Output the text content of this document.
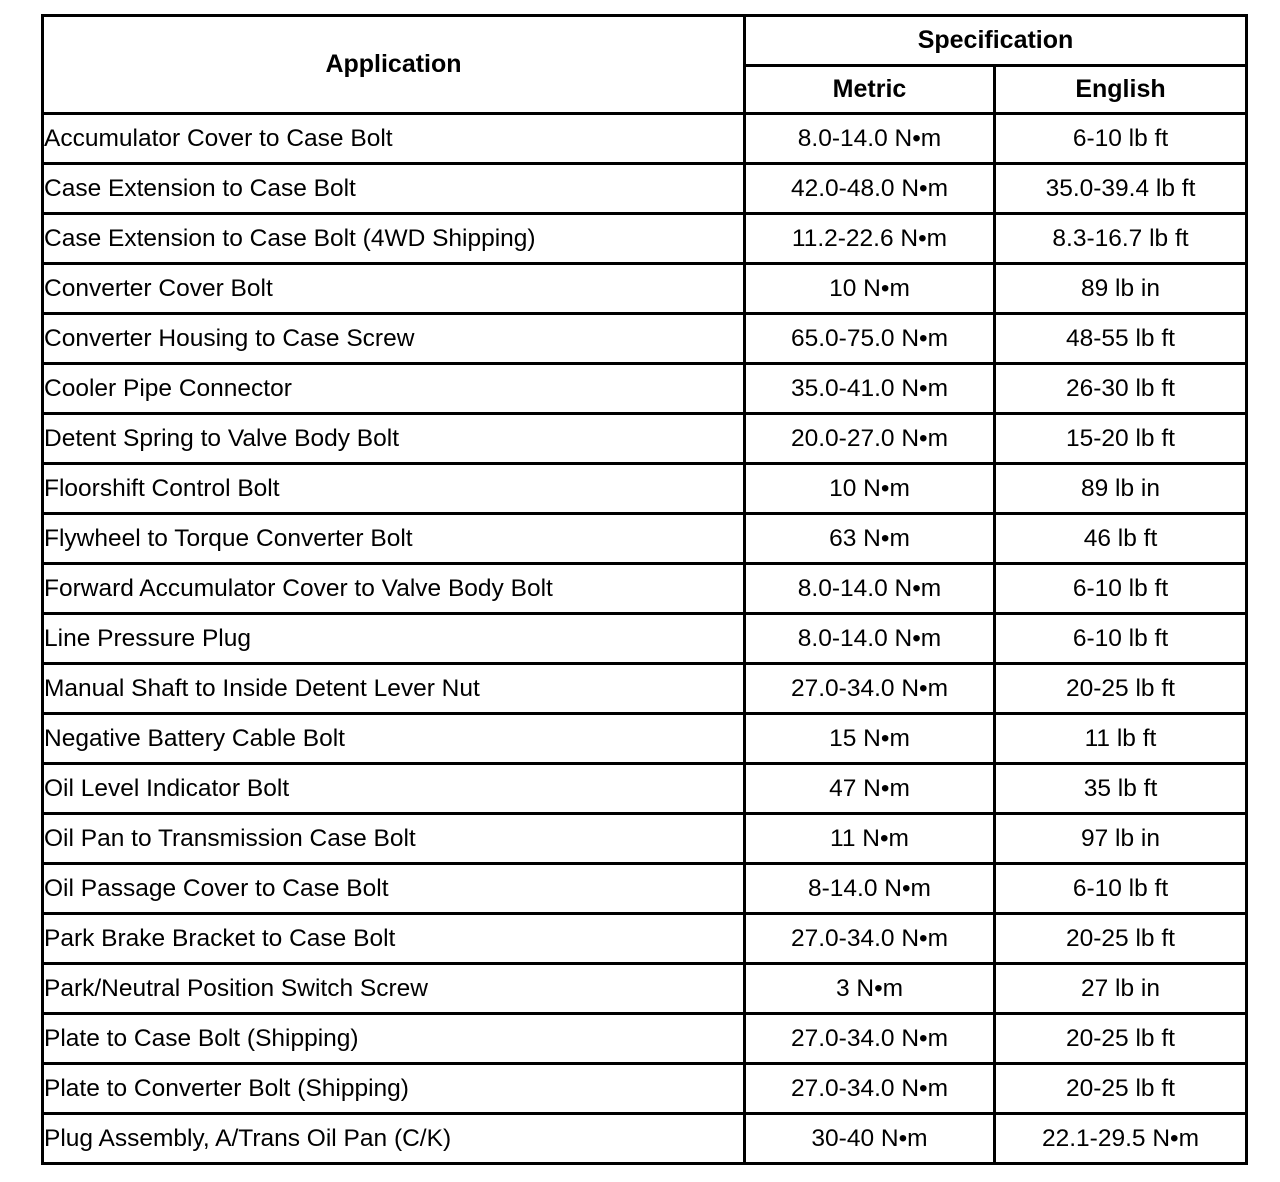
Application	Specification	
	Metric	English
Accumulator Cover to Case Bolt	8.0-14.0 N•m	6-10 lb ft
Case Extension to Case Bolt	42.0-48.0 N•m	35.0-39.4 lb ft
Case Extension to Case Bolt (4WD Shipping)	11.2-22.6 N•m	8.3-16.7 lb ft
Converter Cover Bolt	10 N•m	89 lb in
Converter Housing to Case Screw	65.0-75.0 N•m	48-55 lb ft
Cooler Pipe Connector	35.0-41.0 N•m	26-30 lb ft
Detent Spring to Valve Body Bolt	20.0-27.0 N•m	15-20 lb ft
Floorshift Control Bolt	10 N•m	89 lb in
Flywheel to Torque Converter Bolt	63 N•m	46 lb ft
Forward Accumulator Cover to Valve Body Bolt	8.0-14.0 N•m	6-10 lb ft
Line Pressure Plug	8.0-14.0 N•m	6-10 lb ft
Manual Shaft to Inside Detent Lever Nut	27.0-34.0 N•m	20-25 lb ft
Negative Battery Cable Bolt	15 N•m	11 lb ft
Oil Level Indicator Bolt	47 N•m	35 lb ft
Oil Pan to Transmission Case Bolt	11 N•m	97 lb in
Oil Passage Cover to Case Bolt	8-14.0 N•m	6-10 lb ft
Park Brake Bracket to Case Bolt	27.0-34.0 N•m	20-25 lb ft
Park/Neutral Position Switch Screw	3 N•m	27 lb in
Plate to Case Bolt (Shipping)	27.0-34.0 N•m	20-25 lb ft
Plate to Converter Bolt (Shipping)	27.0-34.0 N•m	20-25 lb ft
Plug Assembly, A/Trans Oil Pan (C/K)	30-40 N•m	22.1-29.5 N•m
